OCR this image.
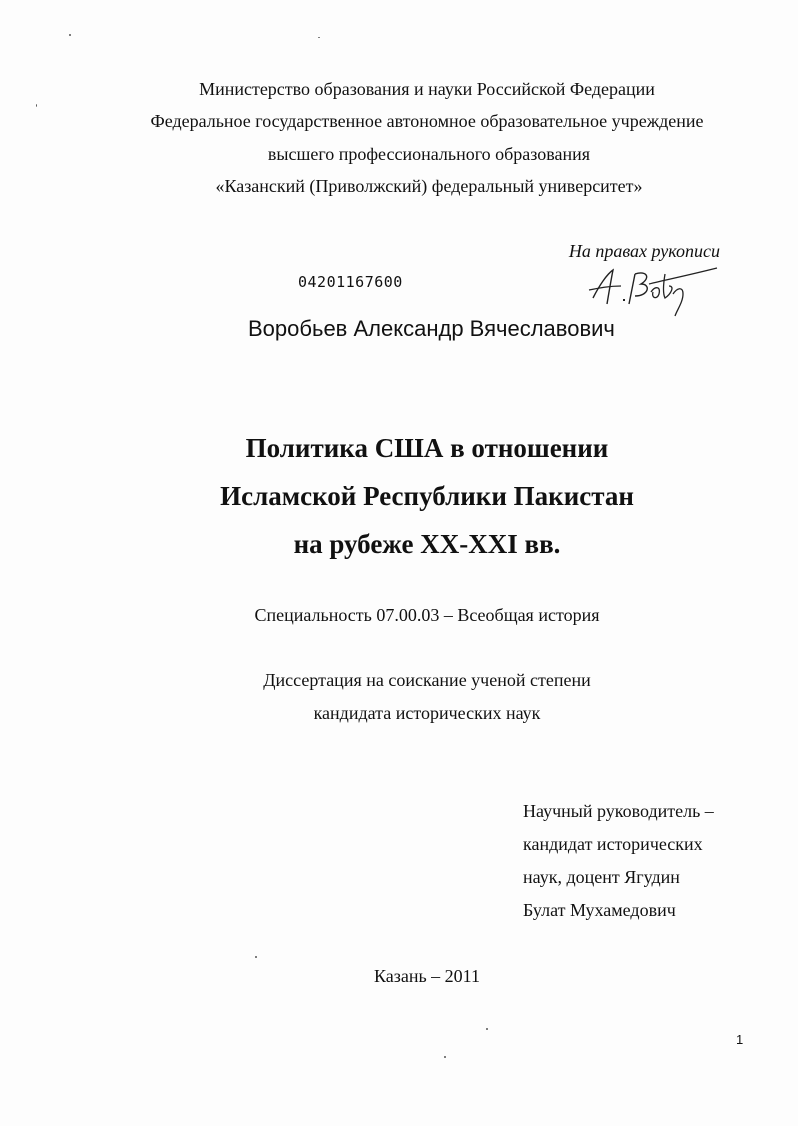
Министерство образования и науки Российской Федерации
Федеральное государственное автономное образовательное учреждение
высшего профессионального образования
«Казанский (Приволжский) федеральный университет»
На правах рукописи
04201167600
Воробьев Александр Вячеславович
Политика США в отношении
Исламской Республики Пакистан
на рубеже XX-XXI вв.
Специальность 07.00.03 – Всеобщая история
Диссертация на соискание ученой степени
кандидата исторических наук
Научный руководитель –
кандидат исторических
наук, доцент Ягудин
Булат Мухамедович
Казань – 2011
1
